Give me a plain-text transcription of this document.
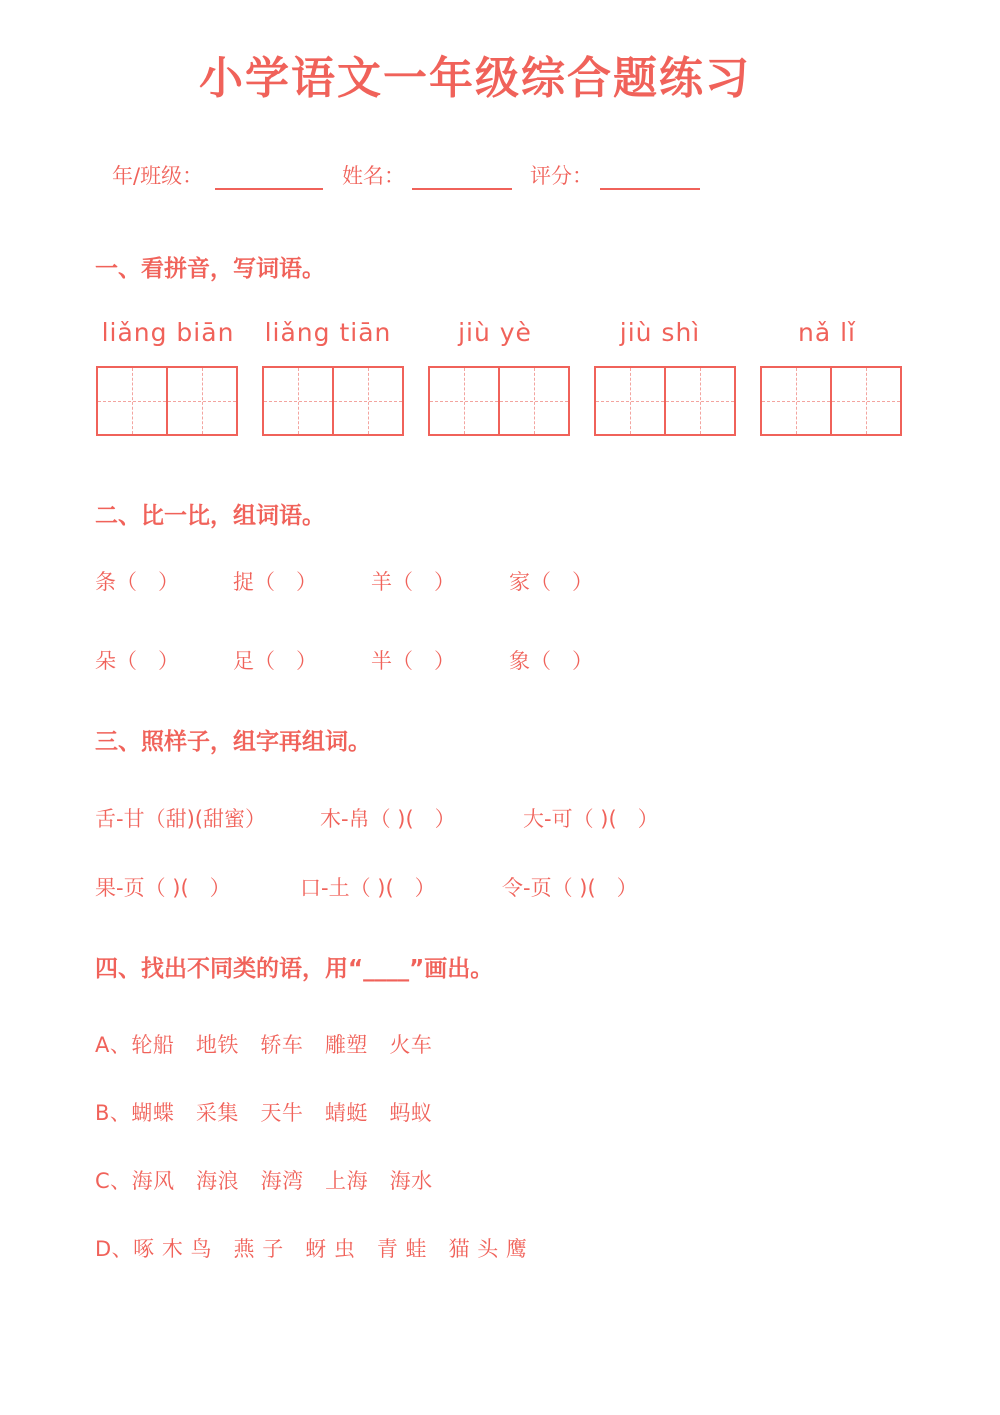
小学语文一年级综合题练习
年/班级：	姓名：	评分：
一、看拼音，写词语。
liǎng biān	liǎng tiān	jiù yè	jiù shì	nǎ lǐ
二、比一比，组词语。
条（　）	捉（　）	羊（　）	家（　）
朵（　）	足（　）	半（　）	象（　）
三、照样子，组字再组词。
舌-甘（甜)(甜蜜）	木-帛（ )(　）	大-可（ )(　）
果-页（ )(　）	口-土（ )(　）	令-页（ )(　）
四、找出不同类的语，用“____”画出。
A、轮船　地铁　轿车　雕塑　火车
B、蝴蝶　采集　天牛　蜻蜓　蚂蚁
C、海风　海浪　海湾　上海　海水
D、啄 木 鸟　燕 子　蚜 虫　青 蛙　猫 头 鹰
